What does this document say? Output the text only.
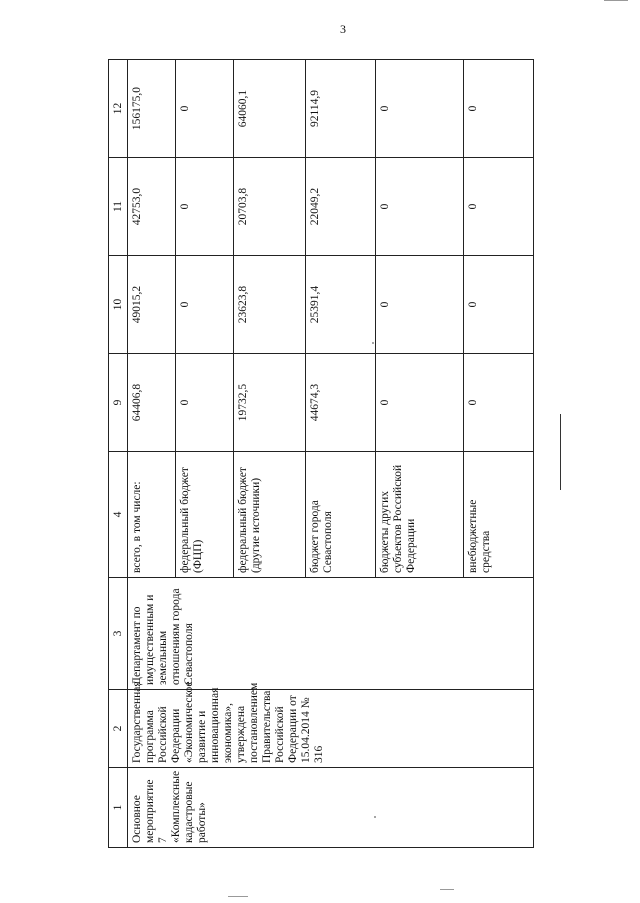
3
1	2	3	4	9	10	11	12
Основное мероприятие 7 «Комплексные кадастровые работы»	Государственная программа Российской Федерации «Экономическое развитие и инновационная экономика», утверждена постановлением Правительства Российской Федерации от 15.04.2014 № 316	Департамент по имущественным и земельным отношениям города Севастополя	всего, в том числе:	64406,8	49015,2	42753,0	156175,0
			федеральный бюджет (ФЦП)	0	0	0	0
			федеральный бюджет (другие источники)	19732,5	23623,8	20703,8	64060,1
			бюджет города Севастополя	44674,3	25391,4	22049,2	92114,9
			бюджеты других субъектов Российской Федерации	0	0	0	0
			внебюджетные средства	0	0	0	0
